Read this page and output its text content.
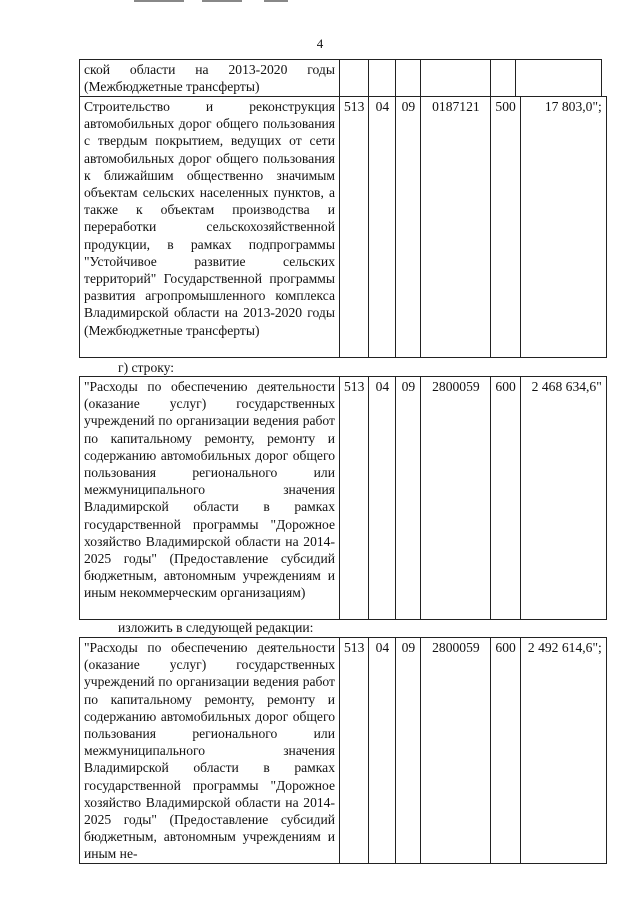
4
ской области на 2013-2020 годы (Межбюджетные трансферты)						
Строительство и реконструкция автомобильных дорог общего пользования с твердым покрытием, ведущих от сети автомобильных дорог общего пользования к ближайшим общественно значимым объектам сельских населенных пунктов, а также к объектам производства и переработки сельскохозяйственной продукции, в рамках подпрограммы "Устойчивое развитие сельских территорий" Государственной программы развития агропромышленного комплекса Владимирской области на 2013-2020 годы (Межбюджетные трансферты)	513	04	09	0187121	500	17 803,0";
г) строку:
"Расходы по обеспечению деятельности (оказание услуг) государственных учреждений по организации ведения работ по капитальному ремонту, ремонту и содержанию автомобильных дорог общего пользования регионального или межмуниципального значения Владимирской области в рамках государственной программы "Дорожное хозяйство Владимирской области на 2014-2025 годы" (Предоставление субсидий бюджетным, автономным учреждениям и иным некоммерческим организациям)	513	04	09	2800059	600	2 468 634,6"
изложить в следующей редакции:
"Расходы по обеспечению деятельности (оказание услуг) государственных учреждений по организации ведения работ по капитальному ремонту, ремонту и содержанию автомобильных дорог общего пользования регионального или межмуниципального значения Владимирской области в рамках государственной программы "Дорожное хозяйство Владимирской области на 2014-2025 годы" (Предоставление субсидий бюджетным, автономным учреждениям и иным не-	513	04	09	2800059	600	2 492 614,6";
